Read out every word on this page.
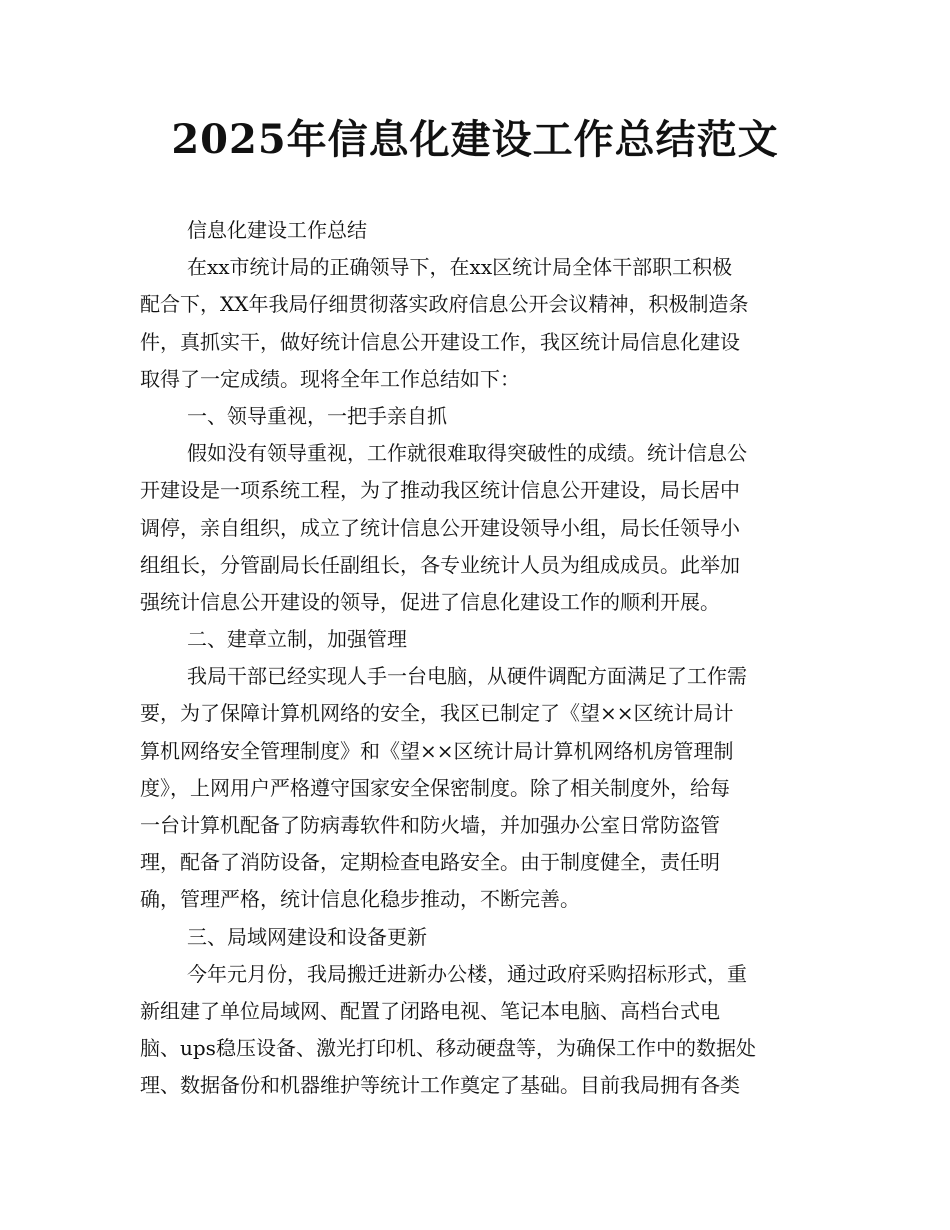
2025年信息化建设工作总结范文
信息化建设工作总结
在xx市统计局的正确领导下，在xx区统计局全体干部职工积极
配合下，XX年我局仔细贯彻落实政府信息公开会议精神，积极制造条
件，真抓实干，做好统计信息公开建设工作，我区统计局信息化建设
取得了一定成绩。现将全年工作总结如下：
一、领导重视，一把手亲自抓
假如没有领导重视，工作就很难取得突破性的成绩。统计信息公
开建设是一项系统工程，为了推动我区统计信息公开建设，局长居中
调停，亲自组织，成立了统计信息公开建设领导小组，局长任领导小
组组长，分管副局长任副组长，各专业统计人员为组成成员。此举加
强统计信息公开建设的领导，促进了信息化建设工作的顺利开展。
二、建章立制，加强管理
我局干部已经实现人手一台电脑，从硬件调配方面满足了工作需
要，为了保障计算机网络的安全，我区已制定了《望××区统计局计
算机网络安全管理制度》和《望××区统计局计算机网络机房管理制
度》，上网用户严格遵守国家安全保密制度。除了相关制度外，给每
一台计算机配备了防病毒软件和防火墙，并加强办公室日常防盗管
理，配备了消防设备，定期检查电路安全。由于制度健全，责任明
确，管理严格，统计信息化稳步推动，不断完善。
三、局域网建设和设备更新
今年元月份，我局搬迁进新办公楼，通过政府采购招标形式，重
新组建了单位局域网、配置了闭路电视、笔记本电脑、高档台式电
脑、ups稳压设备、激光打印机、移动硬盘等，为确保工作中的数据处
理、数据备份和机器维护等统计工作奠定了基础。目前我局拥有各类
